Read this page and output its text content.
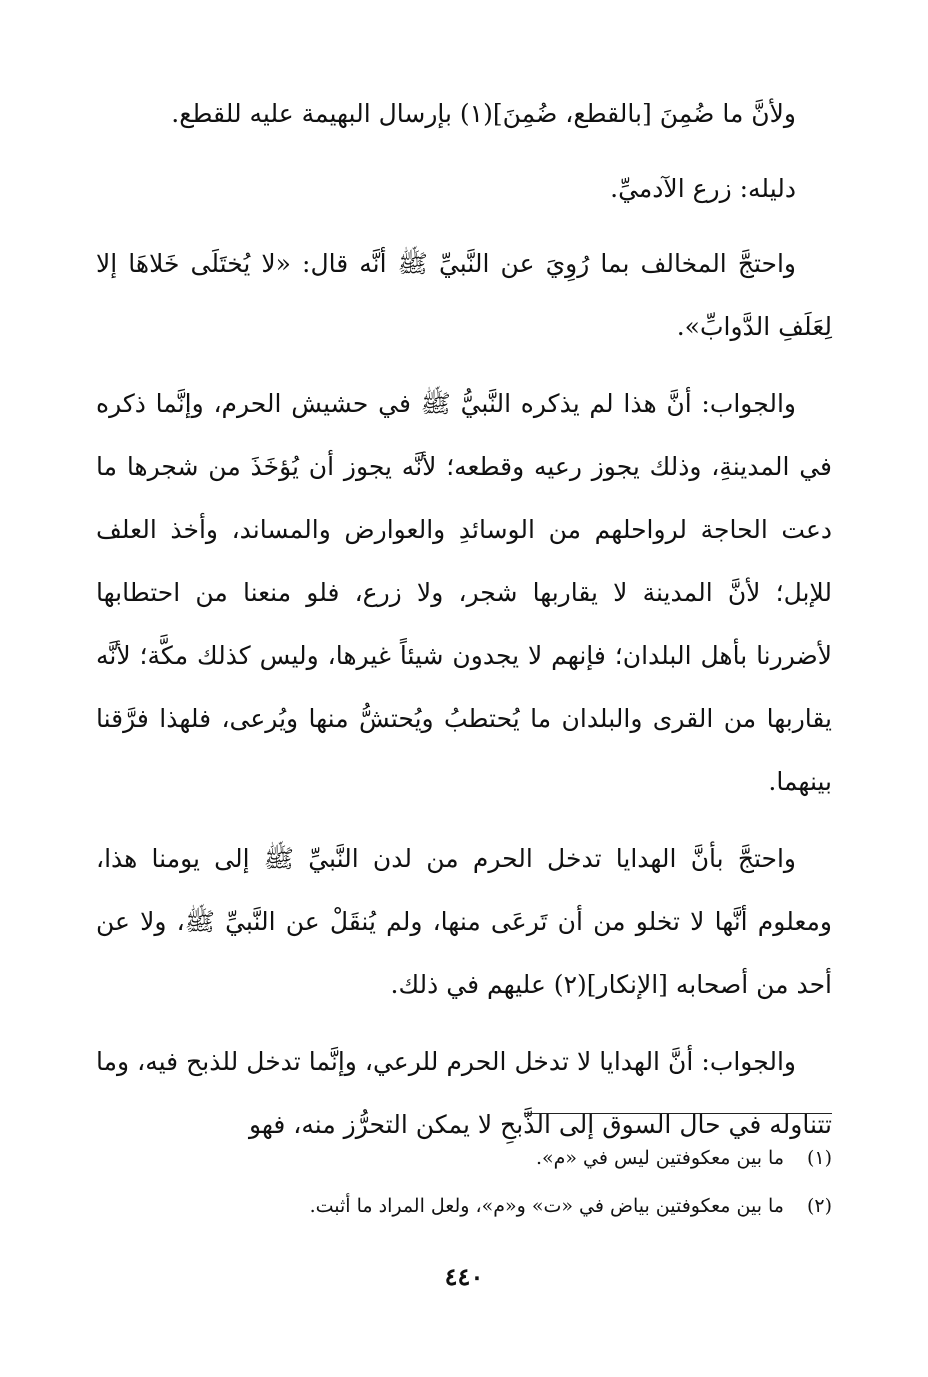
ولأنَّ ما ضُمِنَ [بالقطع، ضُمِنَ](١) بإرسال البهيمة عليه للقطع.

دليله: زرع الآدميِّ.

واحتجَّ المخالف بما رُوِيَ عن النَّبيِّ ﷺ أنَّه قال: «لا يُختَلَى خَلاهَا إلا لِعَلَفِ الدَّوابِّ».

والجواب: أنَّ هذا لم يذكره النَّبيُّ ﷺ في حشيش الحرم، وإنَّما ذكره في المدينةِ، وذلك يجوز رعيه وقطعه؛ لأنَّه يجوز أن يُؤخَذَ من شجرها ما دعت الحاجة لرواحلهم من الوسائدِ والعوارض والمساند، وأخذ العلف للإبل؛ لأنَّ المدينة لا يقاربها شجر، ولا زرع، فلو منعنا من احتطابها لأضررنا بأهل البلدان؛ فإنهم لا يجدون شيئاً غيرها، وليس كذلك مكَّة؛ لأنَّه يقاربها من القرى والبلدان ما يُحتطبُ ويُحتشُّ منها ويُرعى، فلهذا فرَّقنا بينهما.

واحتجَّ بأنَّ الهدايا تدخل الحرم من لدن النَّبيِّ ﷺ إلى يومنا هذا، ومعلوم أنَّها لا تخلو من أن تَرعَى منها، ولم يُنقَلْ عن النَّبيِّ ﷺ، ولا عن أحد من أصحابه [الإنكار](٢) عليهم في ذلك.

والجواب: أنَّ الهدايا لا تدخل الحرم للرعي، وإنَّما تدخل للذبح فيه، وما تتناوله في حال السوق إلى الذَّبحِ لا يمكن التحرُّز منه، فهو

(١)
ما بين معكوفتين ليس في «م».
(٢)
ما بين معكوفتين بياض في «ت» و«م»، ولعل المراد ما أثبت.
٤٤٠
